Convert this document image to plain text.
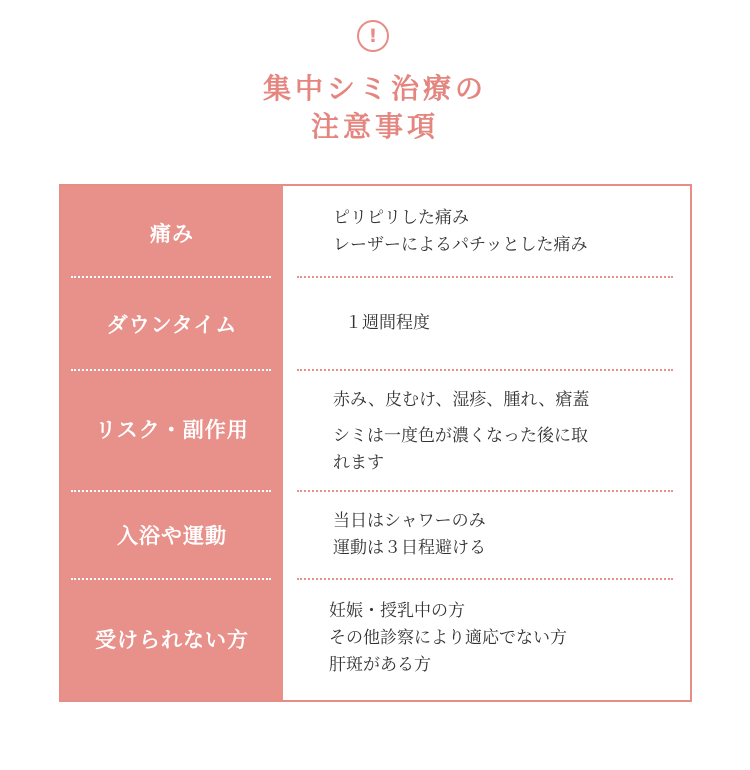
!
集中シミ治療の
注意事項
痛み
ピリピリした痛み
レーザーによるパチッとした痛み
ダウンタイム	１週間程度
リスク・副作用
赤み、皮むけ、湿疹、腫れ、瘡蓋
シミは一度色が濃くなった後に取
れます
入浴や運動
当日はシャワーのみ
運動は３日程避ける
受けられない方
妊娠・授乳中の方
その他診察により適応でない方
肝斑がある方
